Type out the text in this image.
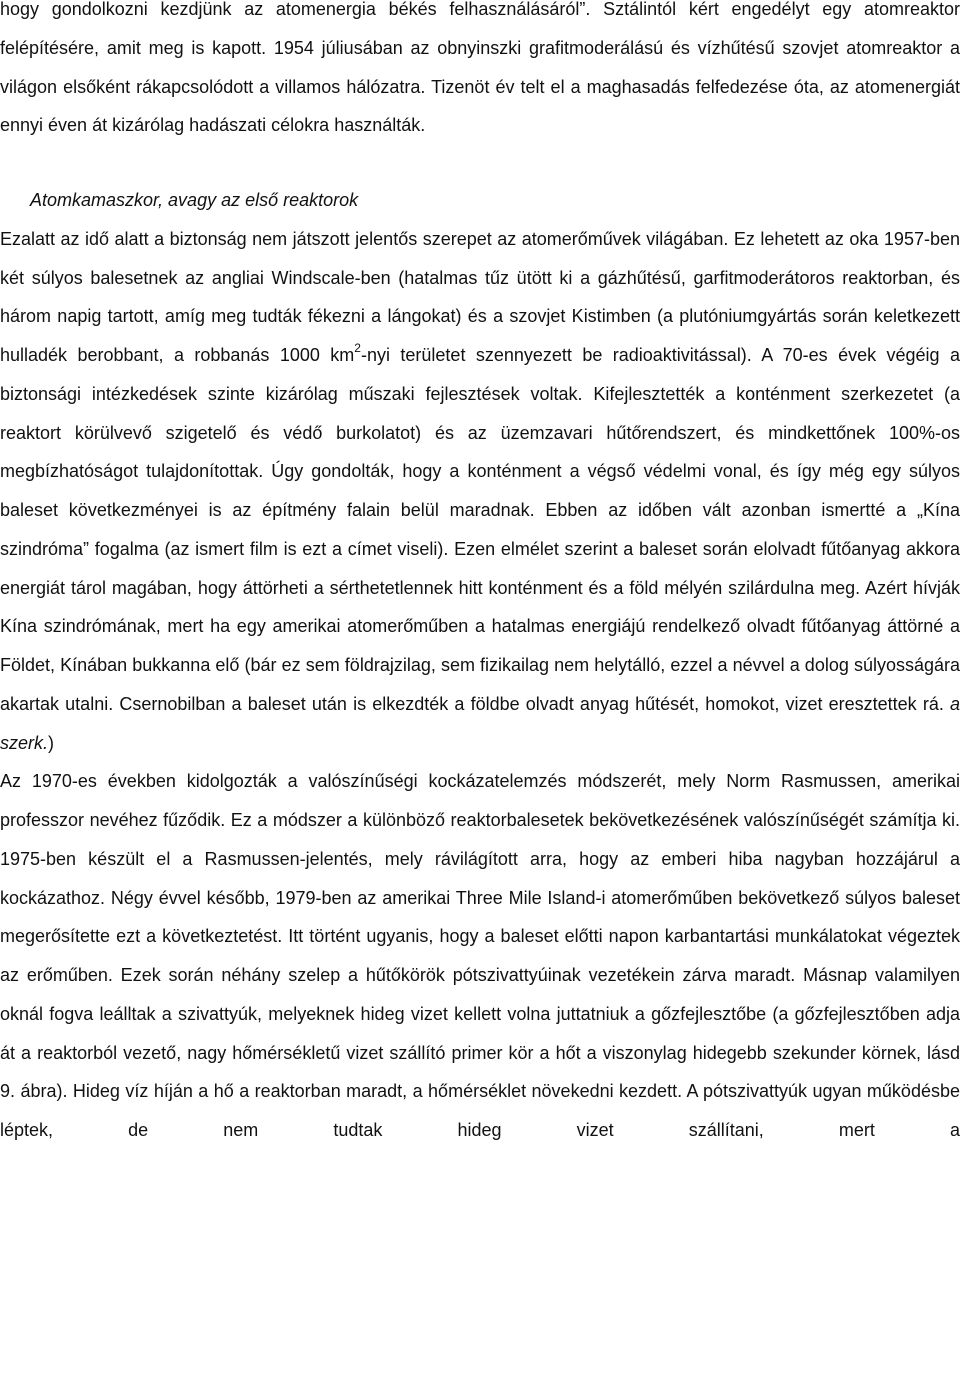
hogy gondolkozni kezdjünk az atomenergia békés felhasználásáról”. Sztálintól kért engedélyt egy atomreaktor felépítésére, amit meg is kapott. 1954 júliusában az obnyinszki grafitmoderálású és vízhűtésű szovjet atomreaktor a világon elsőként rákapcsolódott a villamos hálózatra. Tizenöt év telt el a maghasadás felfedezése óta, az atomenergiát ennyi éven át kizárólag hadászati célokra használták.

Atomkamaszkor, avagy az első reaktorok

Ezalatt az idő alatt a biztonság nem játszott jelentős szerepet az atomerőművek világában. Ez lehetett az oka 1957-ben két súlyos balesetnek az angliai Windscale-ben (hatalmas tűz ütött ki a gázhűtésű, garfitmoderátoros reaktorban, és három napig tartott, amíg meg tudták fékezni a lángokat) és a szovjet Kistimben (a plutóniumgyártás során keletkezett hulladék berobbant, a robbanás 1000 $km^2$-nyi területet szennyezett be radioaktivitással). A 70-es évek végéig a biztonsági intézkedések szinte kizárólag műszaki fejlesztések voltak. Kifejlesztették a konténment szerkezetet (a reaktort körülvevő szigetelő és védő burkolatot) és az üzemzavari hűtőrendszert, és mindkettőnek 100%-os megbízhatóságot tulajdonítottak. Úgy gondolták, hogy a konténment a végső védelmi vonal, és így még egy súlyos baleset következményei is az építmény falain belül maradnak. Ebben az időben vált azonban ismertté a „Kína szindróma” fogalma (az ismert film is ezt a címet viseli). Ezen elmélet szerint a baleset során elolvadt fűtőanyag akkora energiát tárol magában, hogy áttörheti a sérthetetlennek hitt konténment és a föld mélyén szilárdulna meg. Azért hívják Kína szindrómának, mert ha egy amerikai atomerőműben a hatalmas energiájú rendelkező olvadt fűtőanyag áttörné a Földet, Kínában bukkanna elő (bár ez sem földrajzilag, sem fizikailag nem helytálló, ezzel a névvel a dolog súlyosságára akartak utalni. Csernobilban a baleset után is elkezdték a földbe olvadt anyag hűtését, homokot, vizet eresztettek rá. a szerk.)

Az 1970-es években kidolgozták a valószínűségi kockázatelemzés módszerét, mely Norm Rasmussen, amerikai professzor nevéhez fűződik. Ez a módszer a különböző reaktorbalesetek bekövetkezésének valószínűségét számítja ki. 1975-ben készült el a Rasmussen-jelentés, mely rávilágított arra, hogy az emberi hiba nagyban hozzájárul a kockázathoz. Négy évvel később, 1979-ben az amerikai Three Mile Island-i atomerőműben bekövetkező súlyos baleset megerősítette ezt a következtetést. Itt történt ugyanis, hogy a baleset előtti napon karbantartási munkálatokat végeztek az erőműben. Ezek során néhány szelep a hűtőkörök pótszivattyúinak vezetékein zárva maradt. Másnap valamilyen oknál fogva leálltak a szivattyúk, melyeknek hideg vizet kellett volna juttatniuk a gőzfejlesztőbe (a gőzfejlesztőben adja át a reaktorból vezető, nagy hőmérsékletű vizet szállító primer kör a hőt a viszonylag hidegebb szekunder körnek, lásd 9. ábra). Hideg víz híján a hő a reaktorban maradt, a hőmérséklet növekedni kezdett. A pótszivattyúk ugyan működésbe léptek, de nem tudtak hideg vizet szállítani, mert a
